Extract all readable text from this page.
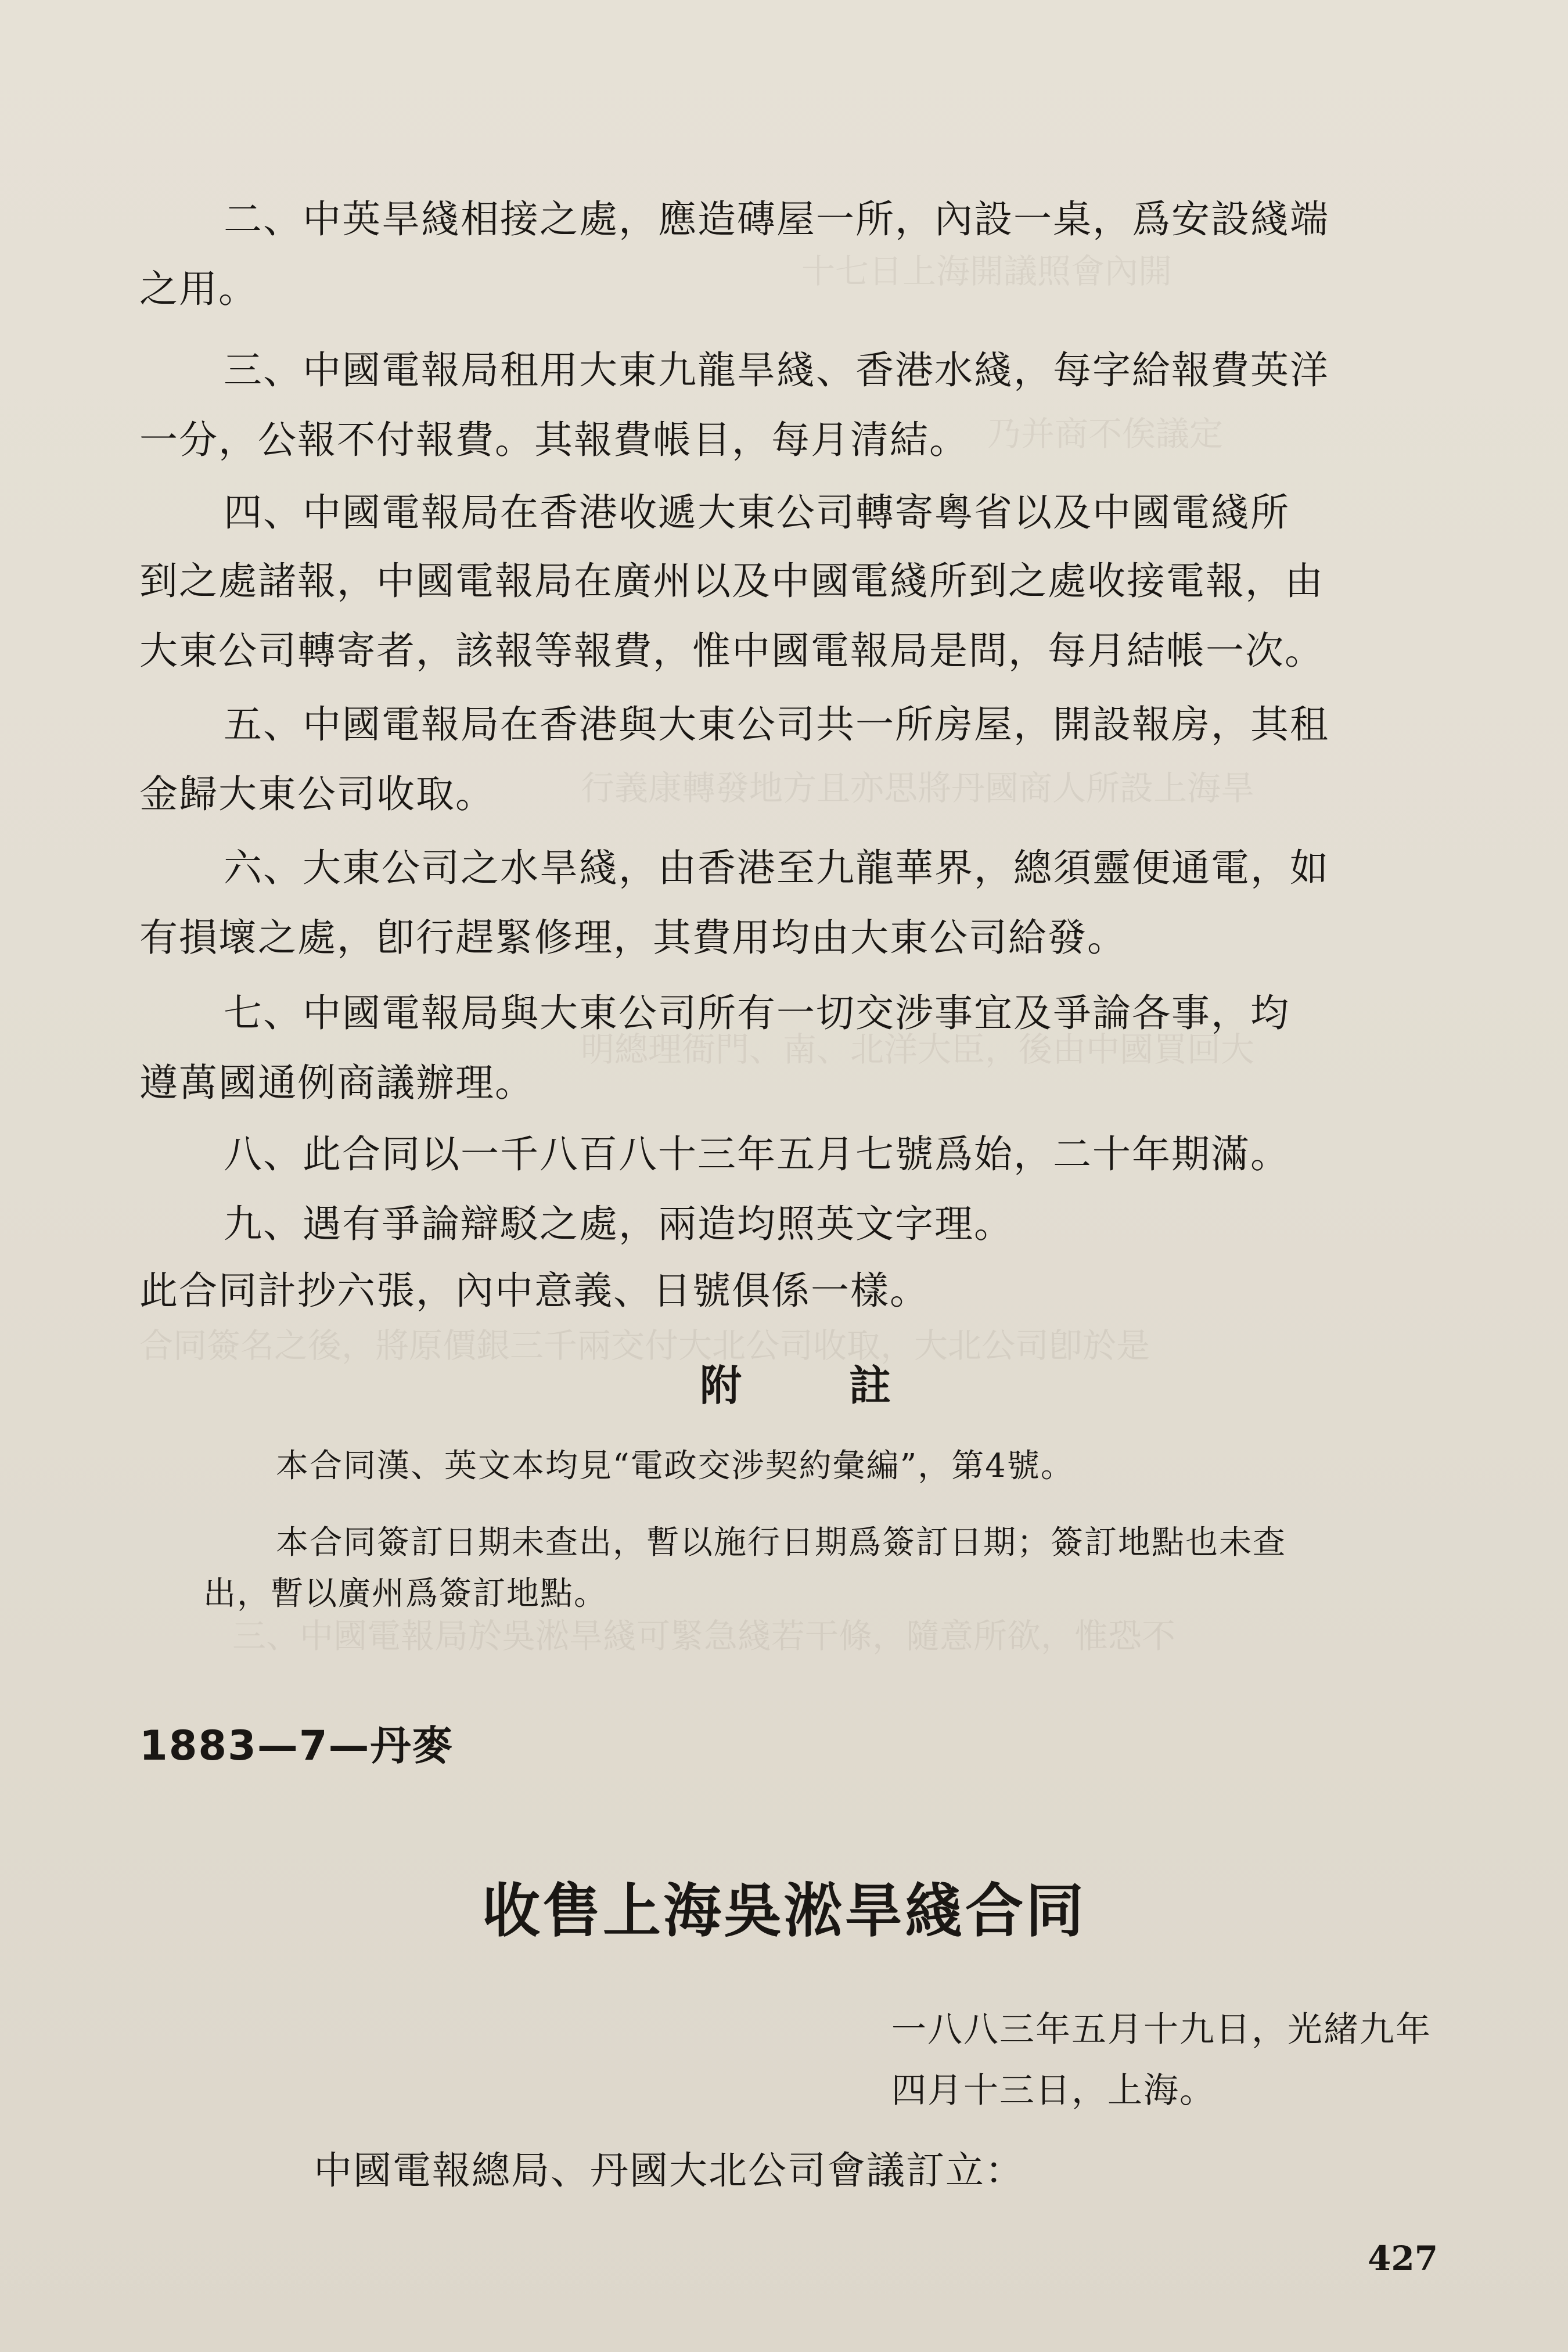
十七日上海開議照會內開
乃并商不俟議定
行義康轉發地方且亦思將丹國商人所設上海旱
明總理衙門、南、北洋大臣，後由中國買回大
合同簽名之後，將原價銀三千兩交付大北公司收取，大北公司卽於是
三、中國電報局於吳淞旱綫可緊急綫若干條，隨意所欲，惟恐不
二、中英旱綫相接之處，應造磚屋一所，內設一桌，爲安設綫端
之用。
三、中國電報局租用大東九龍旱綫、香港水綫，每字給報費英洋
一分，公報不付報費。其報費帳目，每月清結。
四、中國電報局在香港收遞大東公司轉寄粵省以及中國電綫所
到之處諸報，中國電報局在廣州以及中國電綫所到之處收接電報，由
大東公司轉寄者，該報等報費，惟中國電報局是問，每月結帳一次。
五、中國電報局在香港與大東公司共一所房屋，開設報房，其租
金歸大東公司收取。
六、大東公司之水旱綫，由香港至九龍華界，總須靈便通電，如
有損壞之處，卽行趕緊修理，其費用均由大東公司給發。
七、中國電報局與大東公司所有一切交涉事宜及爭論各事，均
遵萬國通例商議辦理。
八、此合同以一千八百八十三年五月七號爲始，二十年期滿。
九、遇有爭論辯駁之處，兩造均照英文字理。
此合同計抄六張，內中意義、日號俱係一樣。
附 註
本合同漢、英文本均見“電政交涉契約彙編”，第4號。
本合同簽訂日期未查出，暫以施行日期爲簽訂日期；簽訂地點也未查
出，暫以廣州爲簽訂地點。
1883—7—丹麥
收售上海吳淞旱綫合同
一八八三年五月十九日，光緒九年
四月十三日，上海。
中國電報總局、丹國大北公司會議訂立：
427
